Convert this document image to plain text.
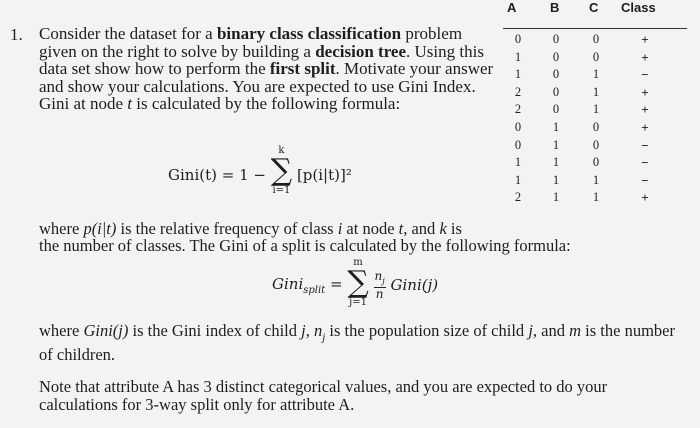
1. Consider the dataset for a binary class classification problem
given on the right to solve by building a decision tree. Using this
data set show how to perform the first split. Motivate your answer
and show your calculations. You are expected to use Gini Index.
Gini at node t is calculated by the following formula:
A	B C Class
0	0	0	+
1	0	0	+
1	0	1	−
2	0	1	+
2	0	1	+
0	1	0	+
0	1	0	−
1	1	0	−
1	1	1	−
2	1	1	+
Gini(t) = 1 −
k
∑
i=1
[p(i|t)]²
where p(i|t) is the relative frequency of class i at node t, and k is
the number of classes. The Gini of a split is calculated by the following formula:
Gini$_{split}$ =
m
∑
j=1

$\frac{n_j}{n}$ Gini(j)
where Gini(j) is the Gini index of child j, $n_j$ is the population size of child j, and m is the number
of children.
Note that attribute A has 3 distinct categorical values, and you are expected to do your
calculations for 3-way split only for attribute A.
